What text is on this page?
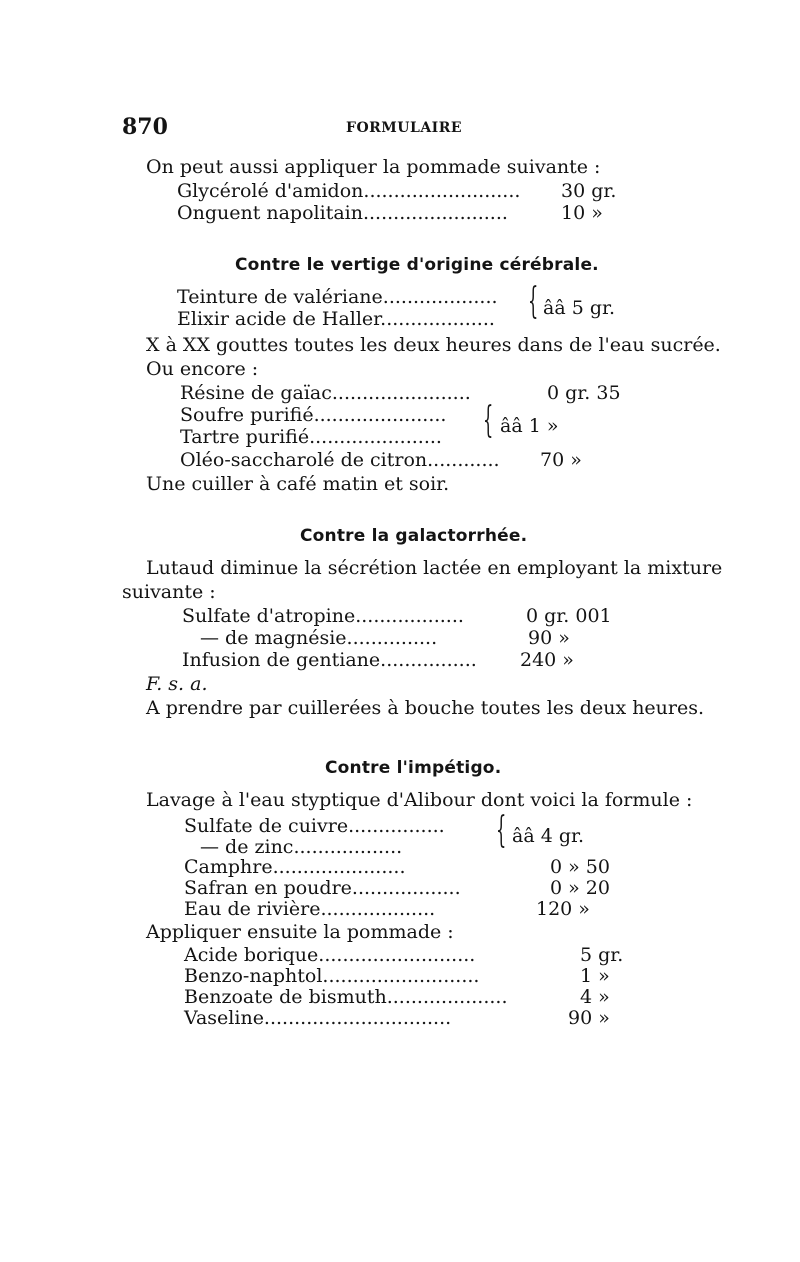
870	FORMULAIRE
On peut aussi appliquer la pommade suivante :
Glycérolé d'amidon.......................... 30 gr.
Onguent napolitain........................	10 »
Contre le vertige d'origine cérébrale.
Teinture de valériane...................
Elixir acide de Haller................... { ââ 5 gr.
X à XX gouttes toutes les deux heures dans de l'eau sucrée.
Ou encore :
Résine de gaïac.......................	0 gr. 35
Soufre purifié......................
Tartre purifié...................... { ââ 1 »
Oléo-saccharolé de citron............ 70 »
Une cuiller à café matin et soir.
Contre la galactorrhée.
Lutaud diminue la sécrétion lactée en employant la mixture
suivante :
Sulfate d'atropine..................	0 gr. 001
— de magnésie...............	90 »
Infusion de gentiane................ 240 »
F. s. a.
A prendre par cuillerées à bouche toutes les deux heures.
Contre l'impétigo.
Lavage à l'eau styptique d'Alibour dont voici la formule :
Sulfate de cuivre................
— de zinc..................	{ ââ 4 gr.
Camphre......................	0 » 50
Safran en poudre..................	0 » 20
Eau de rivière...................	120 »
Appliquer ensuite la pommade :
Acide borique..........................	5 gr.
Benzo-naphtol..........................	1 »
Benzoate de bismuth....................	4 »
Vaseline...............................	90 »
